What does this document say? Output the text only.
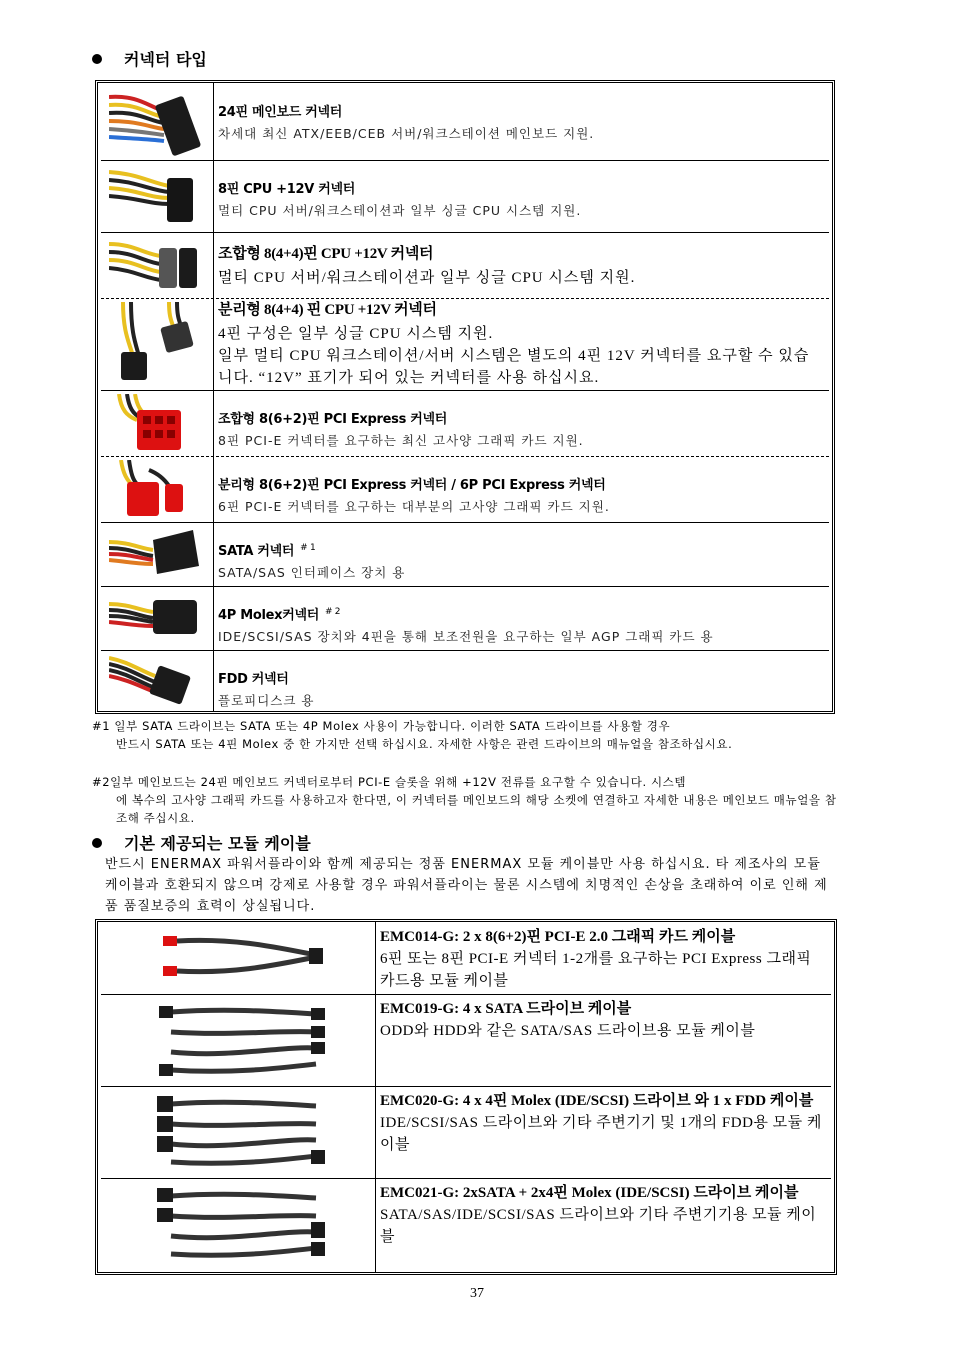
커넥터 타입
24핀 메인보드 커넥터
차세대 최신 ATX/EEB/CEB 서버/워크스테이션 메인보드 지원.
8핀 CPU +12V 커넥터
멀티 CPU 서버/워크스테이션과 일부 싱글 CPU 시스템 지원.
조합형 8(4+4)핀 CPU +12V 커넥터
멀티 CPU 서버/워크스테이션과 일부 싱글 CPU 시스템 지원.
분리형 8(4+4) 핀 CPU +12V 커넥터
4핀 구성은 일부 싱글 CPU 시스템 지원.
일부 멀티 CPU 워크스테이션/서버 시스템은 별도의 4핀 12V 커넥터를 요구할 수 있습니다. “12V” 표기가 되어 있는 커넥터를 사용 하십시요.
조합형 8(6+2)핀 PCI Express 커넥터
8핀 PCI-E 커넥터를 요구하는 최신 고사양 그래픽 카드 지원.
분리형 8(6+2)핀 PCI Express 커넥터 / 6P PCI Express 커넥터
6핀 PCI-E 커넥터를 요구하는 대부분의 고사양 그래픽 카드 지원.
SATA 커넥터 $^{\# 1}$
SATA/SAS 인터페이스 장치 용
4P Molex커넥터 $^{\# 2}$
IDE/SCSI/SAS 장치와 4핀을 통해 보조전원을 요구하는 일부 AGP 그래픽 카드 용
FDD 커넥터
플로피디스크 용
#1 일부 SATA 드라이브는 SATA 또는 4P Molex 사용이 가능합니다. 이러한 SATA 드라이브를 사용할 경우
반드시 SATA 또는 4핀 Molex 중 한 가지만 선택 하십시요. 자세한 사항은 관련 드라이브의 매뉴얼을 참조하십시요.
#2일부 메인보드는 24핀 메인보드 커넥터로부터 PCI-E 슬롯을 위해 +12V 전류를 요구할 수 있습니다. 시스템
에 복수의 고사양 그래픽 카드를 사용하고자 한다면, 이 커넥터를 메인보드의 해당 소켓에 연결하고 자세한 내용은 메인보드 매뉴얼을 참조해 주십시요.
기본 제공되는 모듈 케이블
반드시 ENERMAX 파워서플라이와 함께 제공되는 정품 ENERMAX 모듈 케이블만 사용 하십시요. 타 제조사의 모듈 케이블과 호환되지 않으며 강제로 사용할 경우 파워서플라이는 물론 시스템에 치명적인 손상을 초래하여 이로 인해 제품 품질보증의 효력이 상실됩니다.
EMC014-G: 2 x 8(6+2)핀 PCI-E 2.0 그래픽 카드 케이블
6핀 또는 8핀 PCI-E 커넥터 1-2개를 요구하는 PCI Express 그래픽 카드용 모듈 케이블
EMC019-G: 4 x SATA 드라이브 케이블
ODD와 HDD와 같은 SATA/SAS 드라이브용 모듈 케이블
EMC020-G: 4 x 4핀 Molex (IDE/SCSI) 드라이브 와 1 x FDD 케이블
IDE/SCSI/SAS 드라이브와 기타 주변기기 및 1개의 FDD용 모듈 케이블
EMC021-G: 2xSATA + 2x4핀 Molex (IDE/SCSI) 드라이브 케이블
SATA/SAS/IDE/SCSI/SAS 드라이브와 기타 주변기기용 모듈 케이블
37
